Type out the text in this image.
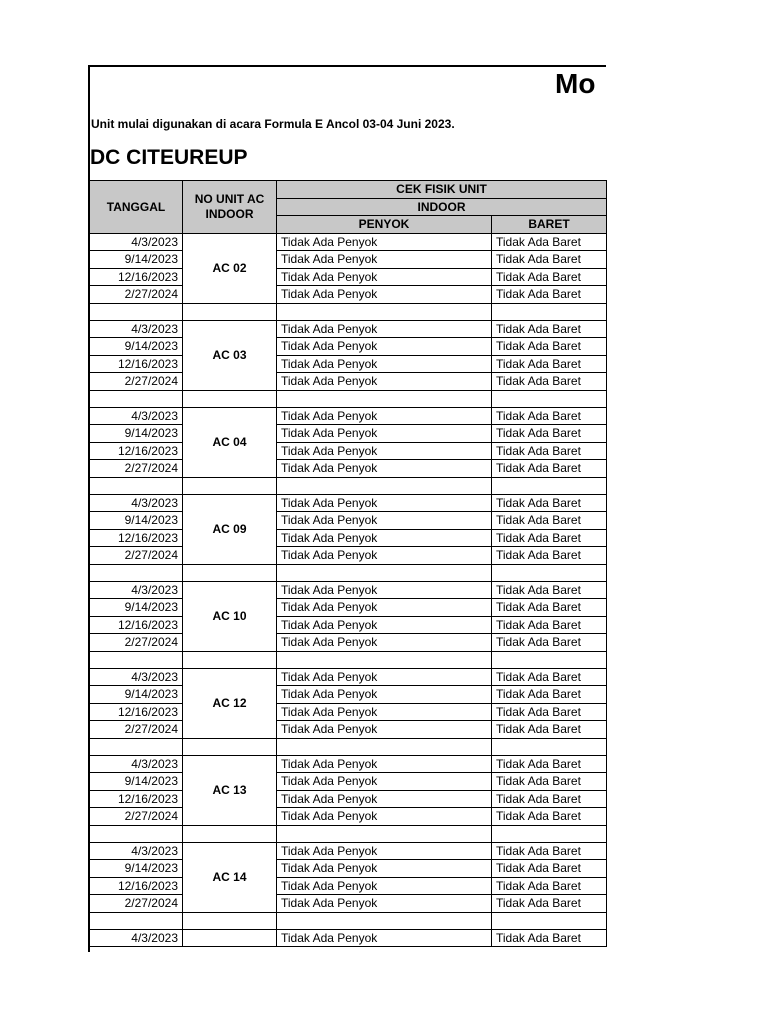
Mo
Unit mulai digunakan di acara Formula E Ancol 03-04 Juni 2023.
DC CITEUREUP
TANGGAL	NO UNIT AC INDOOR	CEK FISIK UNIT	
		INDOOR	
		PENYOK	BARET
4/3/2023	AC 02	Tidak Ada Penyok	Tidak Ada Baret
9/14/2023		Tidak Ada Penyok	Tidak Ada Baret
12/16/2023		Tidak Ada Penyok	Tidak Ada Baret
2/27/2024		Tidak Ada Penyok	Tidak Ada Baret

4/3/2023	AC 03	Tidak Ada Penyok	Tidak Ada Baret
9/14/2023		Tidak Ada Penyok	Tidak Ada Baret
12/16/2023		Tidak Ada Penyok	Tidak Ada Baret
2/27/2024		Tidak Ada Penyok	Tidak Ada Baret

4/3/2023	AC 04	Tidak Ada Penyok	Tidak Ada Baret
9/14/2023		Tidak Ada Penyok	Tidak Ada Baret
12/16/2023		Tidak Ada Penyok	Tidak Ada Baret
2/27/2024		Tidak Ada Penyok	Tidak Ada Baret

4/3/2023	AC 09	Tidak Ada Penyok	Tidak Ada Baret
9/14/2023		Tidak Ada Penyok	Tidak Ada Baret
12/16/2023		Tidak Ada Penyok	Tidak Ada Baret
2/27/2024		Tidak Ada Penyok	Tidak Ada Baret

4/3/2023	AC 10	Tidak Ada Penyok	Tidak Ada Baret
9/14/2023		Tidak Ada Penyok	Tidak Ada Baret
12/16/2023		Tidak Ada Penyok	Tidak Ada Baret
2/27/2024		Tidak Ada Penyok	Tidak Ada Baret

4/3/2023	AC 12	Tidak Ada Penyok	Tidak Ada Baret
9/14/2023		Tidak Ada Penyok	Tidak Ada Baret
12/16/2023		Tidak Ada Penyok	Tidak Ada Baret
2/27/2024		Tidak Ada Penyok	Tidak Ada Baret

4/3/2023	AC 13	Tidak Ada Penyok	Tidak Ada Baret
9/14/2023		Tidak Ada Penyok	Tidak Ada Baret
12/16/2023		Tidak Ada Penyok	Tidak Ada Baret
2/27/2024		Tidak Ada Penyok	Tidak Ada Baret

4/3/2023	AC 14	Tidak Ada Penyok	Tidak Ada Baret
9/14/2023		Tidak Ada Penyok	Tidak Ada Baret
12/16/2023		Tidak Ada Penyok	Tidak Ada Baret
2/27/2024		Tidak Ada Penyok	Tidak Ada Baret

4/3/2023		Tidak Ada Penyok	Tidak Ada Baret
